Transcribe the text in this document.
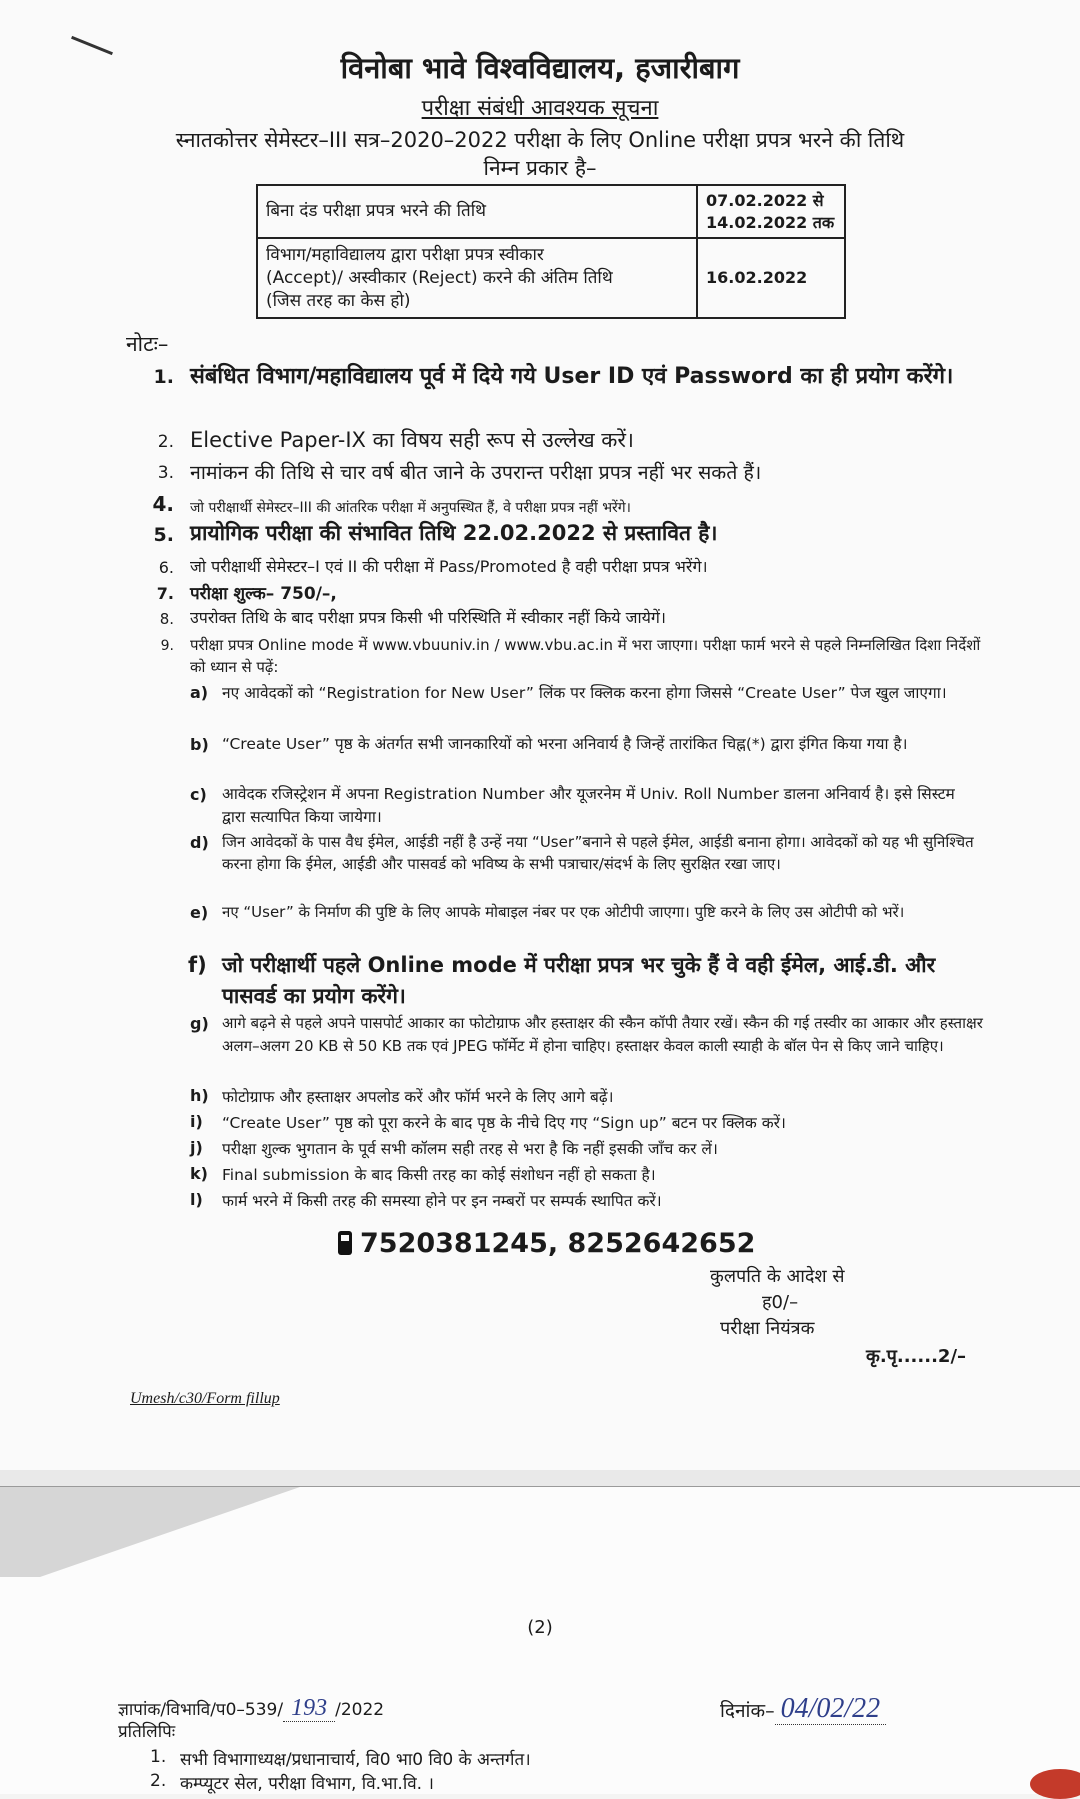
विनोबा भावे विश्वविद्यालय, हजारीबाग
परीक्षा संबंधी आवश्यक सूचना
स्नातकोत्तर सेमेस्टर–III सत्र–2020–2022 परीक्षा के लिए Online परीक्षा प्रपत्र भरने की तिथि
निम्न प्रकार है–
बिना दंड परीक्षा प्रपत्र भरने की तिथि	07.02.2022 से
14.02.2022 तक

विभाग/महाविद्यालय द्वारा परीक्षा प्रपत्र स्वीकार
(Accept)/ अस्वीकार (Reject) करने की अंतिम तिथि
(जिस तरह का केस हो)	16.02.2022
नोटः–
1. संबंधित विभाग/महाविद्यालय पूर्व में दिये गये User ID एवं Password का ही प्रयोग करेंगे।
2. Elective Paper-IX का विषय सही रूप से उल्लेख करें।
3. नामांकन की तिथि से चार वर्ष बीत जाने के उपरान्त परीक्षा प्रपत्र नहीं भर सकते हैं।
4. जो परीक्षार्थी सेमेस्टर–III की आंतरिक परीक्षा में अनुपस्थित हैं, वे परीक्षा प्रपत्र नहीं भरेंगे।
5. प्रायोगिक परीक्षा की संभावित तिथि 22.02.2022 से प्रस्तावित है।
6. जो परीक्षार्थी सेमेस्टर–I एवं II की परीक्षा में Pass/Promoted है वही परीक्षा प्रपत्र भरेंगे।
7. परीक्षा शुल्क– 750/–,
8. उपरोक्त तिथि के बाद परीक्षा प्रपत्र किसी भी परिस्थिति में स्वीकार नहीं किये जायेगें।
9. परीक्षा प्रपत्र Online mode में www.vbuuniv.in / www.vbu.ac.in में भरा जाएगा। परीक्षा फार्म भरने से पहले निम्नलिखित दिशा निर्देशों को ध्यान से पढ़ें:
a) नए आवेदकों को “Registration for New User” लिंक पर क्लिक करना होगा जिससे “Create User” पेज खुल जाएगा।
b) “Create User” पृष्ठ के अंतर्गत सभी जानकारियों को भरना अनिवार्य है जिन्हें तारांकित चिह्न(*) द्वारा इंगित किया गया है।
c) आवेदक रजिस्ट्रेशन में अपना Registration Number और यूजरनेम में Univ. Roll Number डालना अनिवार्य है। इसे सिस्टम द्वारा सत्यापित किया जायेगा।
d) जिन आवेदकों के पास वैध ईमेल, आईडी नहीं है उन्हें नया “User”बनाने से पहले ईमेल, आईडी बनाना होगा। आवेदकों को यह भी सुनिश्चित करना होगा कि ईमेल, आईडी और पासवर्ड को भविष्य के सभी पत्राचार/संदर्भ के लिए सुरक्षित रखा जाए।
e) नए “User” के निर्माण की पुष्टि के लिए आपके मोबाइल नंबर पर एक ओटीपी जाएगा। पुष्टि करने के लिए उस ओटीपी को भरें।
f) जो परीक्षार्थी पहले Online mode में परीक्षा प्रपत्र भर चुके हैं वे वही ईमेल, आई.डी. और पासवर्ड का प्रयोग करेंगे।
g) आगे बढ़ने से पहले अपने पासपोर्ट आकार का फोटोग्राफ और हस्ताक्षर की स्कैन कॉपी तैयार रखें। स्कैन की गई तस्वीर का आकार और हस्ताक्षर अलग–अलग 20 KB से 50 KB तक एवं JPEG फॉर्मेट में होना चाहिए। हस्ताक्षर केवल काली स्याही के बॉल पेन से किए जाने चाहिए।
h) फोटोग्राफ और हस्ताक्षर अपलोड करें और फॉर्म भरने के लिए आगे बढ़ें।
i)	“Create User” पृष्ठ को पूरा करने के बाद पृष्ठ के नीचे दिए गए “Sign up” बटन पर क्लिक करें।
j)	परीक्षा शुल्क भुगतान के पूर्व सभी कॉलम सही तरह से भरा है कि नहीं इसकी जाँच कर लें।
k) Final submission के बाद किसी तरह का कोई संशोधन नहीं हो सकता है।
l)	फार्म भरने में किसी तरह की समस्या होने पर इन नम्बरों पर सम्पर्क स्थापित करें।
7520381245, 8252642652
कुलपति के आदेश से
ह0/–
परीक्षा नियंत्रक
कृ.पृ......2/–
Umesh/c30/Form fillup
(2)
ज्ञापांक/विभावि/प0–539/ 193 /2022	दिनांक– 04/02/22
प्रतिलिपिः
1. सभी विभागाध्यक्ष/प्रधानाचार्य, वि0 भा0 वि0 के अन्तर्गत।
2. कम्प्यूटर सेल, परीक्षा विभाग, वि.भा.वि. ।
